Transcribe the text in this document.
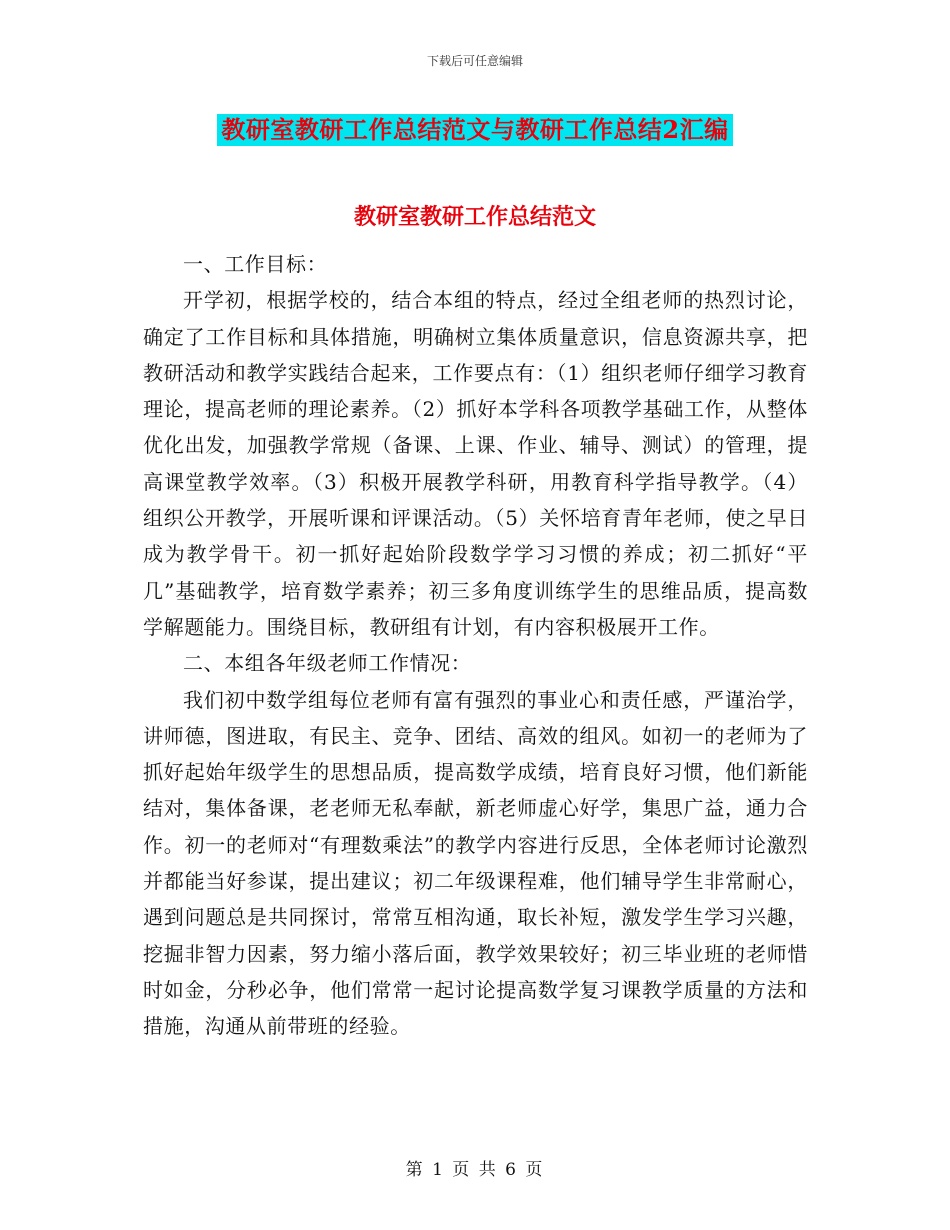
下载后可任意编辑
教研室教研工作总结范文与教研工作总结2汇编
教研室教研工作总结范文

一、工作目标：

开学初，根据学校的，结合本组的特点，经过全组老师的热烈讨论，确定了工作目标和具体措施，明确树立集体质量意识，信息资源共享，把教研活动和教学实践结合起来，工作要点有：（1）组织老师仔细学习教育理论，提高老师的理论素养。（2）抓好本学科各项教学基础工作，从整体优化出发，加强教学常规（备课、上课、作业、辅导、测试）的管理，提高课堂教学效率。（3）积极开展教学科研，用教育科学指导教学。（4）组织公开教学，开展听课和评课活动。（5）关怀培育青年老师，使之早日成为教学骨干。初一抓好起始阶段数学学习习惯的养成；初二抓好“平几”基础教学，培育数学素养；初三多角度训练学生的思维品质，提高数学解题能力。围绕目标，教研组有计划，有内容积极展开工作。

二、本组各年级老师工作情况：

我们初中数学组每位老师有富有强烈的事业心和责任感，严谨治学，讲师德，图进取，有民主、竞争、团结、高效的组风。如初一的老师为了抓好起始年级学生的思想品质，提高数学成绩，培育良好习惯，他们新能结对，集体备课，老老师无私奉献，新老师虚心好学，集思广益，通力合作。初一的老师对“有理数乘法”的教学内容进行反思，全体老师讨论激烈并都能当好参谋，提出建议；初二年级课程难，他们辅导学生非常耐心，遇到问题总是共同探讨，常常互相沟通，取长补短，激发学生学习兴趣，挖掘非智力因素，努力缩小落后面，教学效果较好；初三毕业班的老师惜时如金，分秒必争，他们常常一起讨论提高数学复习课教学质量的方法和措施，沟通从前带班的经验。

第 1 页 共 6 页
